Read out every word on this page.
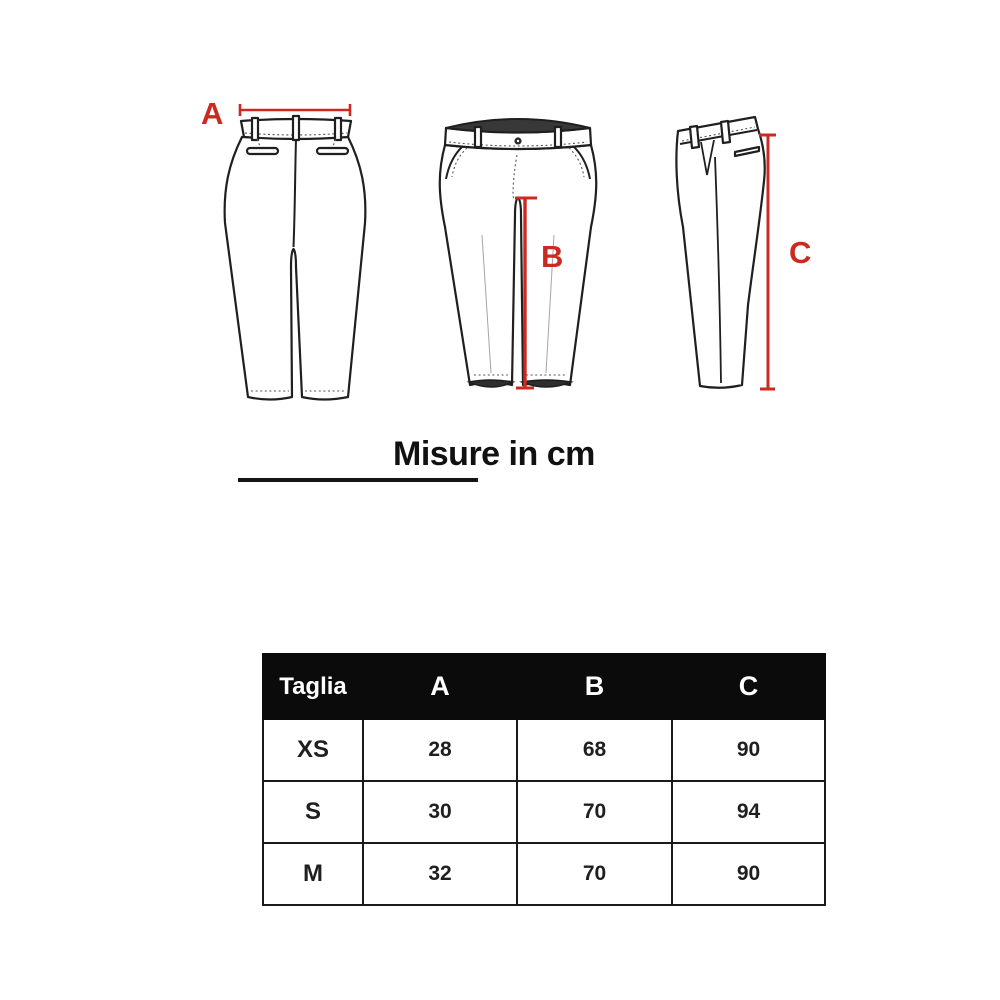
A
B	C
Misure in cm
Taglia	A	B	C
XS	28	68	90
S	30	70	94
M	32	70	90
